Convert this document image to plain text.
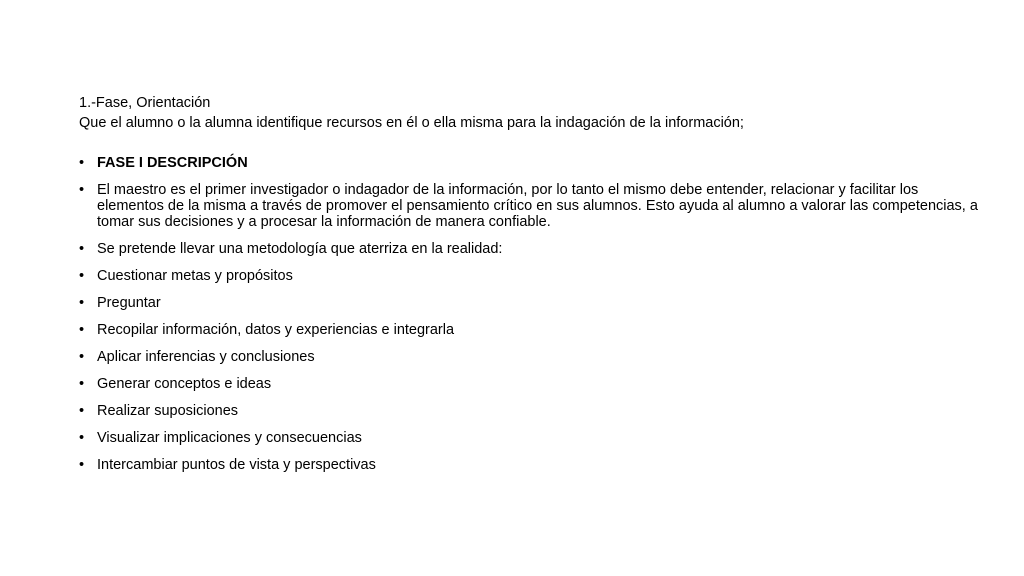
1.-Fase, Orientación
Que el alumno o la alumna identifique recursos en él o ella misma para la indagación de la información;
• FASE I DESCRIPCIÓN
• El maestro es el primer investigador o indagador de la información, por lo tanto el mismo debe entender, relacionar y facilitar los elementos de la misma a través de promover el pensamiento crítico en sus alumnos. Esto ayuda al alumno a valorar las competencias, a tomar sus decisiones y a procesar la información de manera confiable.
• Se pretende llevar una metodología que aterriza en la realidad:
• Cuestionar metas y propósitos
• Preguntar
• Recopilar información, datos y experiencias e integrarla
• Aplicar inferencias y conclusiones
• Generar conceptos e ideas
• Realizar suposiciones
• Visualizar implicaciones y consecuencias
• Intercambiar puntos de vista y perspectivas
